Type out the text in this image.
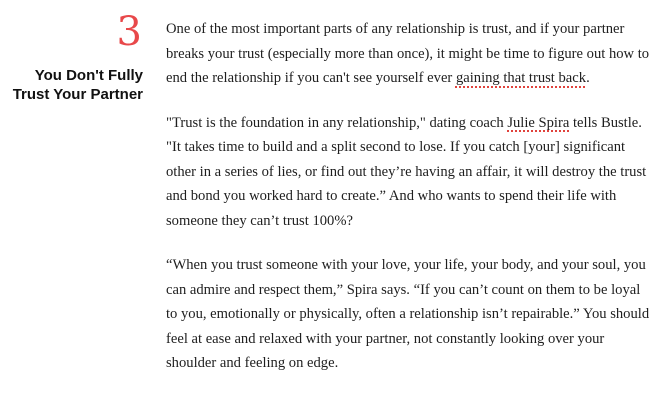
3
You Don't Fully Trust Your Partner

One of the most important parts of any relationship is trust, and if your partner breaks your trust (especially more than once), it might be time to figure out how to end the relationship if you can't see yourself ever gaining that trust back.

"Trust is the foundation in any relationship," dating coach Julie Spira tells Bustle. "It takes time to build and a split second to lose. If you catch [your] significant other in a series of lies, or find out they’re having an affair, it will destroy the trust and bond you worked hard to create.” And who wants to spend their life with someone they can’t trust 100%?

“When you trust someone with your love, your life, your body, and your soul, you can admire and respect them,” Spira says. “If you can’t count on them to be loyal to you, emotionally or physically, often a relationship isn’t repairable.” You should feel at ease and relaxed with your partner, not constantly looking over your shoulder and feeling on edge.
